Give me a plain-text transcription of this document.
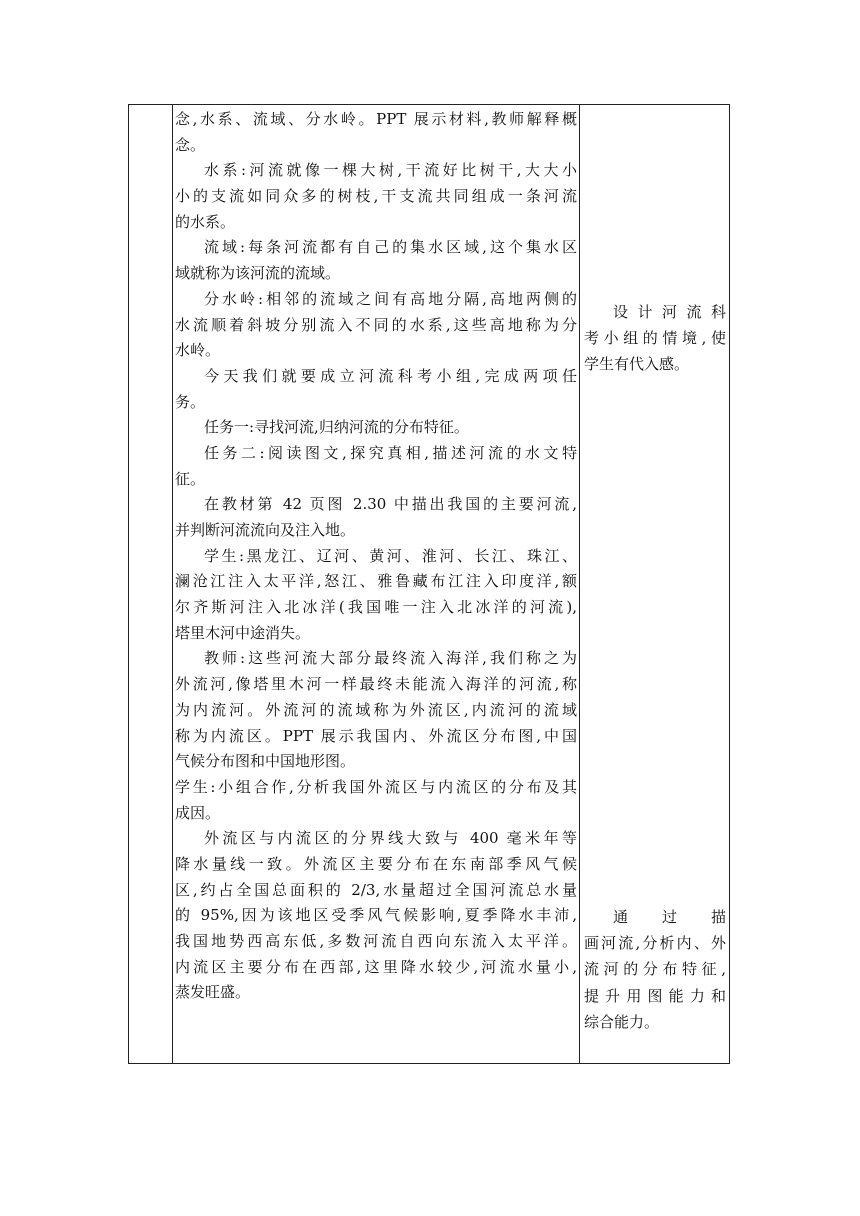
念,水系、流域、分水岭。PPT 展示材料,教师解释概
念。
水系:河流就像一棵大树,干流好比树干,大大小
小的支流如同众多的树枝,干支流共同组成一条河流
的水系。
流域:每条河流都有自己的集水区域,这个集水区
域就称为该河流的流域。
分水岭:相邻的流域之间有高地分隔,高地两侧的
水流顺着斜坡分别流入不同的水系,这些高地称为分
水岭。
今天我们就要成立河流科考小组,完成两项任
务。
任务一:寻找河流,归纳河流的分布特征。
任务二:阅读图文,探究真相,描述河流的水文特
征。
在教材第 42 页图 2.30 中描出我国的主要河流,
并判断河流流向及注入地。
学生:黑龙江、辽河、黄河、淮河、长江、珠江、
澜沧江注入太平洋,怒江、雅鲁藏布江注入印度洋,额
尔齐斯河注入北冰洋(我国唯一注入北冰洋的河流),
塔里木河中途消失。
教师:这些河流大部分最终流入海洋,我们称之为
外流河,像塔里木河一样最终未能流入海洋的河流,称
为内流河。外流河的流域称为外流区,内流河的流域
称为内流区。PPT 展示我国内、外流区分布图,中国
气候分布图和中国地形图。
学生:小组合作,分析我国外流区与内流区的分布及其
成因。
外流区与内流区的分界线大致与 400 毫米年等
降水量线一致。外流区主要分布在东南部季风气候
区,约占全国总面积的 2/3,水量超过全国河流总水量
的 95%,因为该地区受季风气候影响,夏季降水丰沛,
我国地势西高东低,多数河流自西向东流入太平洋。
内流区主要分布在西部,这里降水较少,河流水量小,
蒸发旺盛。
设 计 河 流 科
考小组的情境,使
学生有代入感。
通 过 描
画河流,分析内、外
流河的分布特征,
提 升 用 图 能 力 和
综合能力。
